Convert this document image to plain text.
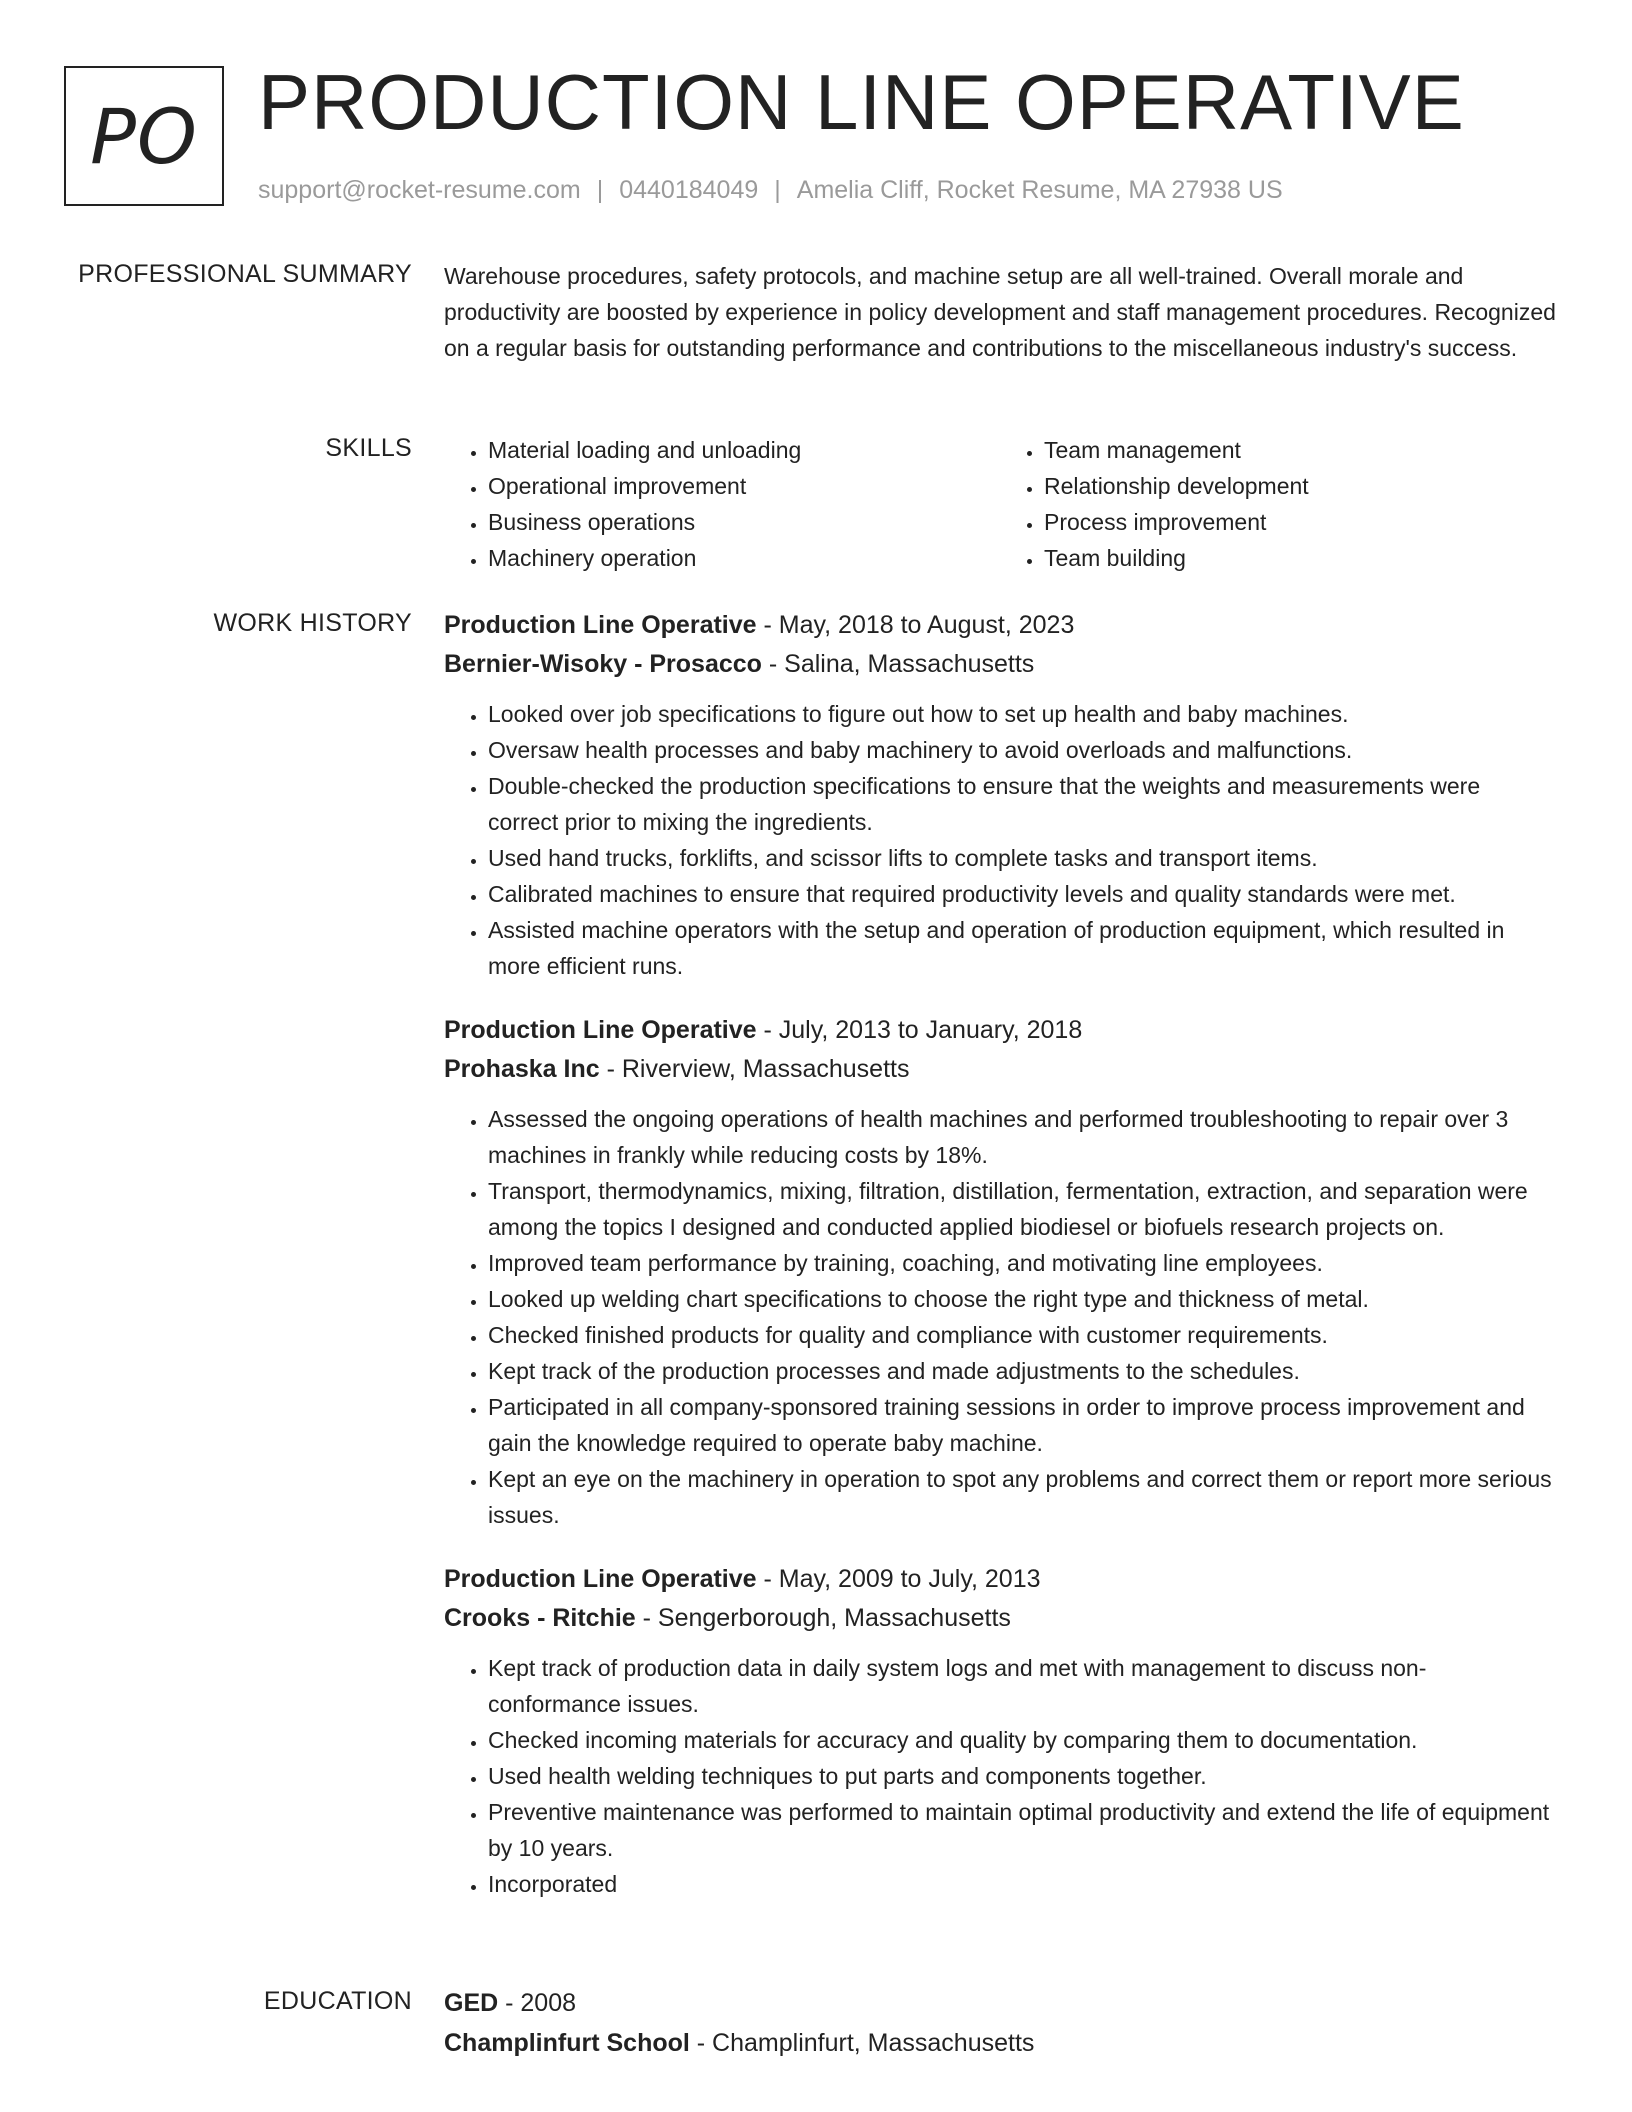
PO PRODUCTION LINE OPERATIVE
support@rocket-resume.com | 0440184049 | Amelia Cliff, Rocket Resume, MA 27938 US
PROFESSIONAL SUMMARY Warehouse procedures, safety protocols, and machine setup are all well-trained. Overall morale and productivity are boosted by experience in policy development and staff management procedures. Recognized on a regular basis for outstanding performance and contributions to the miscellaneous industry's success.

SKILLS
•	Material loading and unloading
• Operational improvement
• Business operations
• Machinery operation
• Team management
• Relationship development
• Process improvement
• Team building
WORK HISTORY Production Line Operative - May, 2018 to August, 2023
Bernier-Wisoky - Prosacco - Salina, Massachusetts
• Looked over job specifications to figure out how to set up health and baby machines.
• Oversaw health processes and baby machinery to avoid overloads and malfunctions.
• Double-checked the production specifications to ensure that the weights and measurements were correct prior to mixing the ingredients.
• Used hand trucks, forklifts, and scissor lifts to complete tasks and transport items.
• Calibrated machines to ensure that required productivity levels and quality standards were met.
• Assisted machine operators with the setup and operation of production equipment, which resulted in more efficient runs.
Production Line Operative - July, 2013 to January, 2018
Prohaska Inc - Riverview, Massachusetts
• Assessed the ongoing operations of health machines and performed troubleshooting to repair over 3 machines in frankly while reducing costs by 18%.
• Transport, thermodynamics, mixing, filtration, distillation, fermentation, extraction, and separation were among the topics I designed and conducted applied biodiesel or biofuels research projects on.
• Improved team performance by training, coaching, and motivating line employees.
• Looked up welding chart specifications to choose the right type and thickness of metal.
• Checked finished products for quality and compliance with customer requirements.
• Kept track of the production processes and made adjustments to the schedules.
• Participated in all company-sponsored training sessions in order to improve process improvement and gain the knowledge required to operate baby machine.
• Kept an eye on the machinery in operation to spot any problems and correct them or report more serious issues.
Production Line Operative - May, 2009 to July, 2013
Crooks - Ritchie - Sengerborough, Massachusetts
• Kept track of production data in daily system logs and met with management to discuss non-conformance issues.
• Checked incoming materials for accuracy and quality by comparing them to documentation.
• Used health welding techniques to put parts and components together.
• Preventive maintenance was performed to maintain optimal productivity and extend the life of equipment by 10 years.
• Incorporated
EDUCATION GED - 2008
Champlinfurt School - Champlinfurt, Massachusetts
